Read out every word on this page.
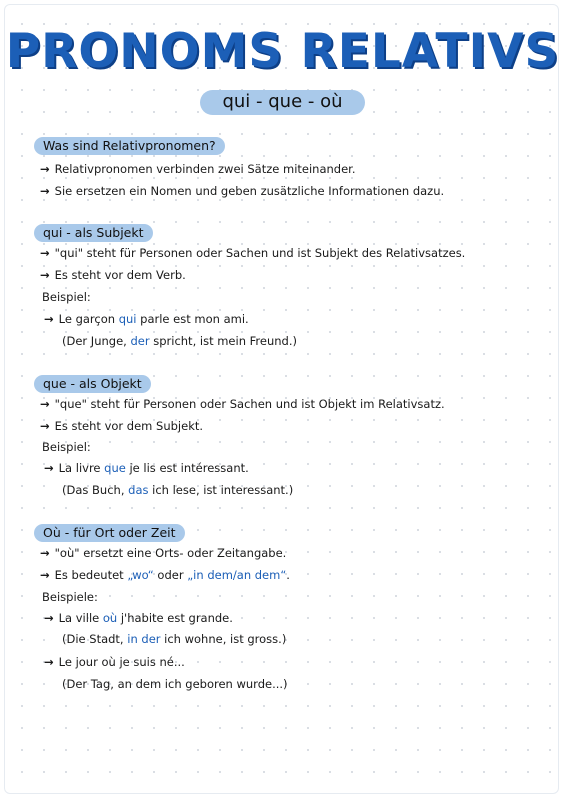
PRONOMS RELATIVS
qui - que - où
Was sind Relativpronomen?
→ Relativpronomen verbinden zwei Sätze miteinander.
→ Sie ersetzen ein Nomen und geben zusätzliche Informationen dazu.
qui - als Subjekt
→ "qui" steht für Personen oder Sachen und ist Subjekt des Relativsatzes.
→ Es steht vor dem Verb.
Beispiel:
→ Le garçon qui parle est mon ami.
(Der Junge, der spricht, ist mein Freund.)
que - als Objekt
→ "que" steht für Personen oder Sachen und ist Objekt im Relativsatz.
→ Es steht vor dem Subjekt.
Beispiel:
→ La livre que je lis est intéressant.
(Das Buch, das ich lese, ist interessant.)
Où - für Ort oder Zeit
→ "où" ersetzt eine Orts- oder Zeitangabe.
→ Es bedeutet „wo“ oder „in dem/an dem“.
Beispiele:
→ La ville où j'habite est grande.
(Die Stadt, in der ich wohne, ist gross.)
→ Le jour où je suis né...
(Der Tag, an dem ich geboren wurde...)
